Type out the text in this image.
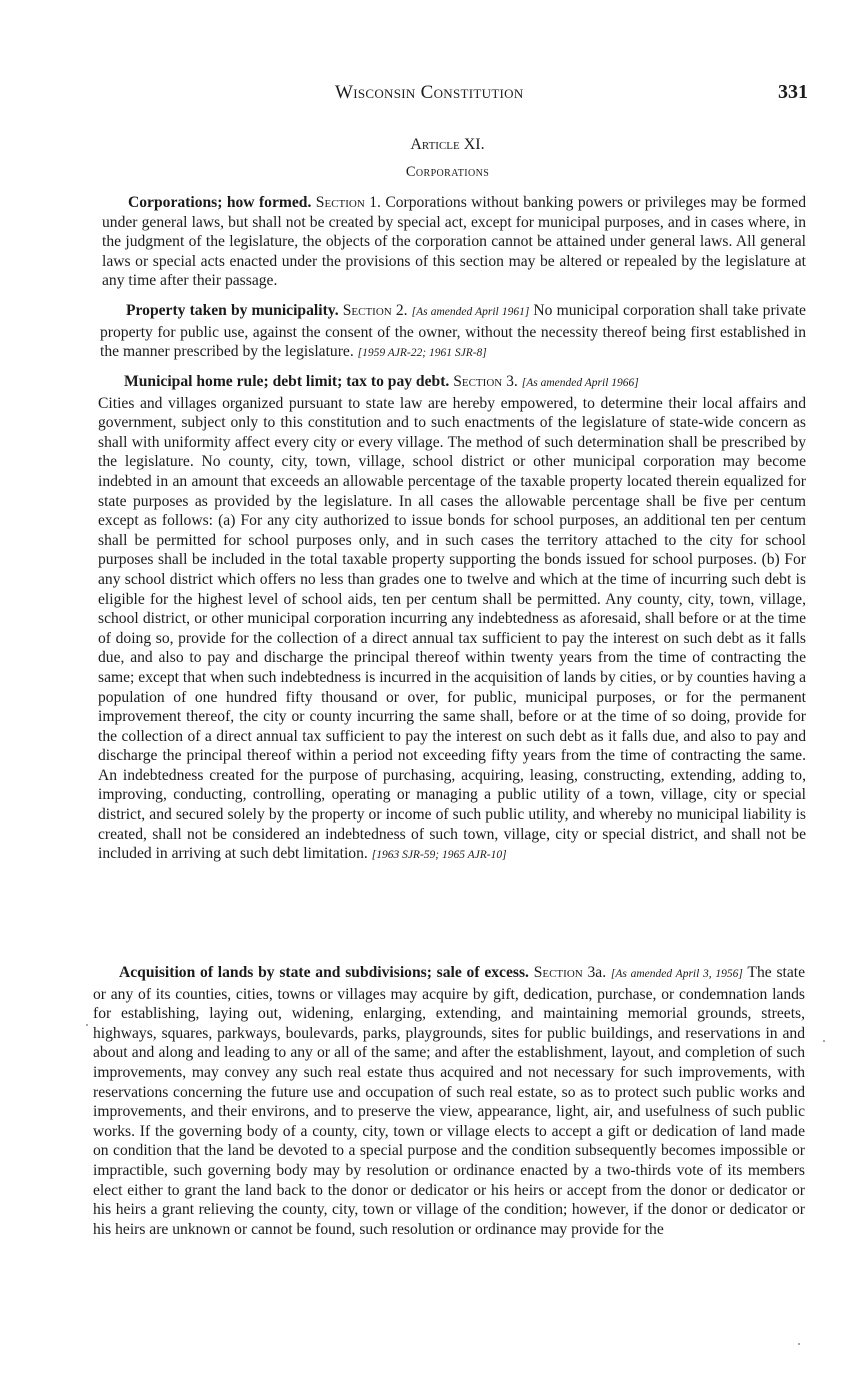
Wisconsin Constitution	331
Article XI.
Corporations

Corporations; how formed. Section 1. Corporations without banking powers or privileges may be formed under general laws, but shall not be created by special act, except for municipal purposes, and in cases where, in the judgment of the legislature, the objects of the corporation cannot be attained under general laws. All general laws or special acts enacted under the provisions of this section may be altered or repealed by the legislature at any time after their passage.

Property taken by municipality. Section 2. [As amended April 1961] No municipal corporation shall take private property for public use, against the consent of the owner, without the necessity thereof being first established in the manner prescribed by the legislature. [1959 AJR-22; 1961 SJR-8]

Municipal home rule; debt limit; tax to pay debt. Section 3. [As amended April 1966]
Cities and villages organized pursuant to state law are hereby empowered, to determine their local affairs and government, subject only to this constitution and to such enactments of the legislature of state-wide concern as shall with uniformity affect every city or every village. The method of such determination shall be prescribed by the legislature. No county, city, town, village, school district or other municipal corporation may become indebted in an amount that exceeds an allowable percentage of the taxable property located therein equalized for state purposes as provided by the legislature. In all cases the allowable percentage shall be five per centum except as follows: (a) For any city authorized to issue bonds for school purposes, an additional ten per centum shall be permitted for school purposes only, and in such cases the territory attached to the city for school purposes shall be included in the total taxable property supporting the bonds issued for school purposes. (b) For any school district which offers no less than grades one to twelve and which at the time of incurring such debt is eligible for the highest level of school aids, ten per centum shall be permitted. Any county, city, town, village, school district, or other municipal corporation incurring any indebtedness as aforesaid, shall before or at the time of doing so, provide for the collection of a direct annual tax sufficient to pay the interest on such debt as it falls due, and also to pay and discharge the principal thereof within twenty years from the time of contracting the same; except that when such indebtedness is incurred in the acquisition of lands by cities, or by counties having a population of one hundred fifty thousand or over, for public, municipal purposes, or for the permanent improvement thereof, the city or county incurring the same shall, before or at the time of so doing, provide for the collection of a direct annual tax sufficient to pay the interest on such debt as it falls due, and also to pay and discharge the principal thereof within a period not exceeding fifty years from the time of contracting the same. An indebtedness created for the purpose of purchasing, acquiring, leasing, constructing, extending, adding to, improving, conducting, controlling, operating or managing a public utility of a town, village, city or special district, and secured solely by the property or income of such public utility, and whereby no municipal liability is created, shall not be considered an indebtedness of such town, village, city or special district, and shall not be included in arriving at such debt limitation. [1963 SJR-59; 1965 AJR-10]

Acquisition of lands by state and subdivisions; sale of excess. Section 3a. [As amended April 3, 1956] The state or any of its counties, cities, towns or villages may acquire by gift, dedication, purchase, or condemnation lands for establishing, laying out, widening, enlarging, extending, and maintaining memorial grounds, streets, highways, squares, parkways, boulevards, parks, playgrounds, sites for public buildings, and reservations in and about and along and leading to any or all of the same; and after the establishment, layout, and completion of such improvements, may convey any such real estate thus acquired and not necessary for such improvements, with reservations concerning the future use and occupation of such real estate, so as to protect such public works and improvements, and their environs, and to preserve the view, appearance, light, air, and usefulness of such public works. If the governing body of a county, city, town or village elects to accept a gift or dedication of land made on condition that the land be devoted to a special purpose and the condition subsequently becomes impossible or impractible, such governing body may by resolution or ordinance enacted by a two-thirds vote of its members elect either to grant the land back to the donor or dedicator or his heirs or accept from the donor or dedicator or his heirs a grant relieving the county, city, town or village of the condition; however, if the donor or dedicator or his heirs are unknown or cannot be found, such resolution or ordinance may provide for the
